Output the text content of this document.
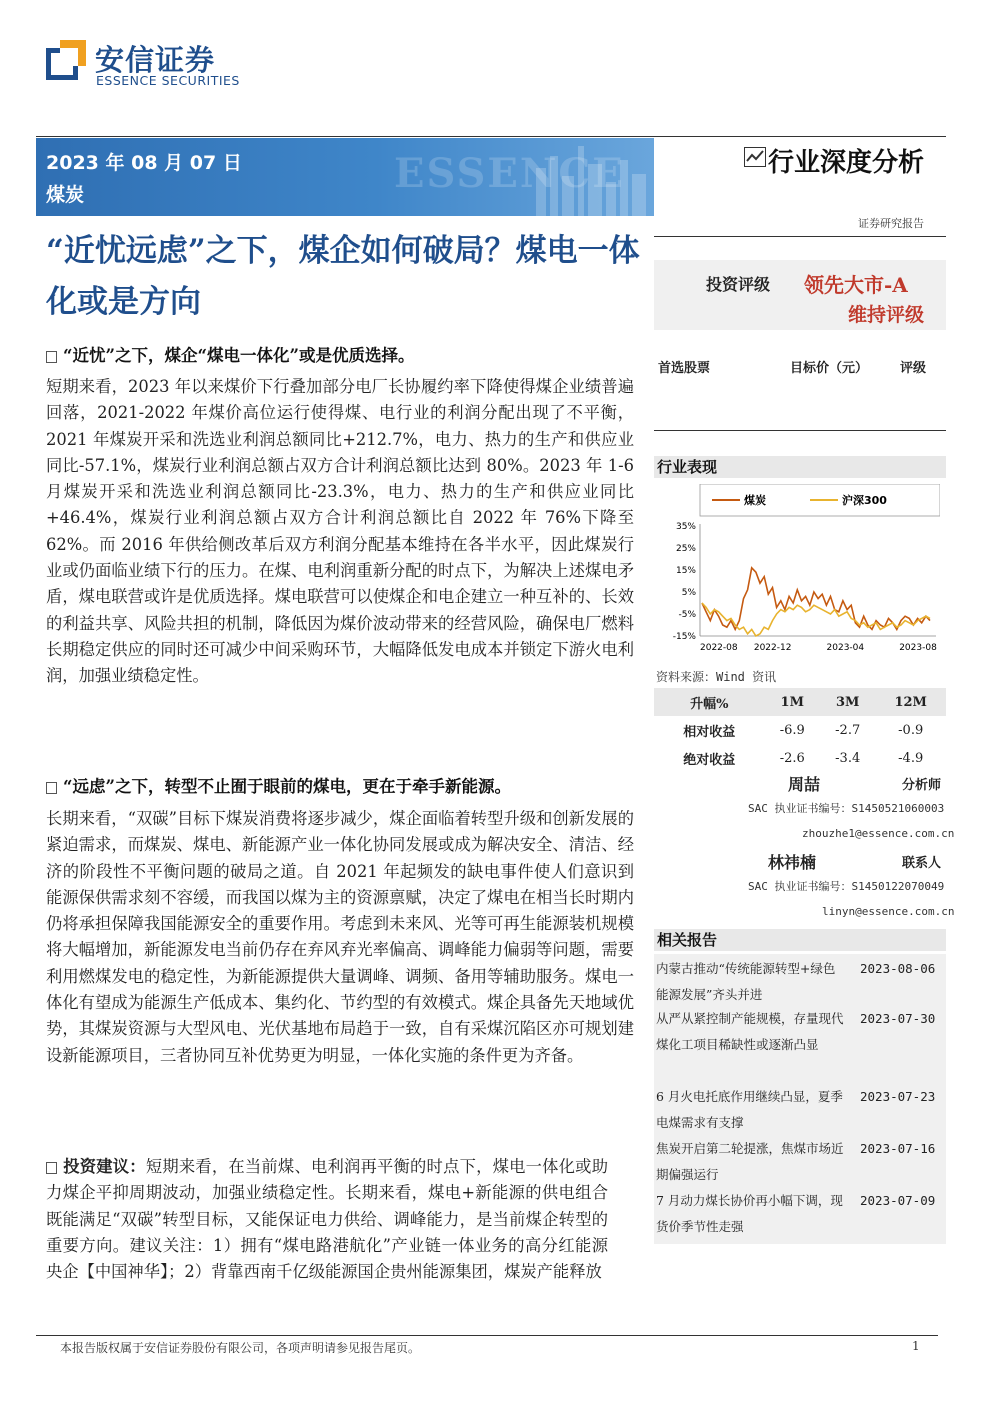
安信证券
ESSENCE SECURITIES
ESSENCE
2023 年 08 月 07 日
煤炭
行业深度分析
证券研究报告
“近忧远虑”之下，煤企如何破局？煤电一体化或是方向	投资评级 领先大市-A
维持评级
“近忧”之下，煤企“煤电一体化”或是优质选择。
短期来看，2023 年以来煤价下行叠加部分电厂长协履约率下降使得煤企业绩普遍回落，2021-2022 年煤价高位运行使得煤、电行业的利润分配出现了不平衡，2021 年煤炭开采和洗选业利润总额同比+212.7%，电力、热力的生产和供应业同比-57.1%，煤炭行业利润总额占双方合计利润总额比达到 80%。2023 年 1-6 月煤炭开采和洗选业利润总额同比-23.3%，电力、热力的生产和供应业同比+46.4%，煤炭行业利润总额占双方合计利润总额比自 2022 年 76%下降至 62%。而 2016 年供给侧改革后双方利润分配基本维持在各半水平，因此煤炭行业或仍面临业绩下行的压力。在煤、电利润重新分配的时点下，为解决上述煤电矛盾，煤电联营或许是优质选择。煤电联营可以使煤企和电企建立一种互补的、长效的利益共享、风险共担的机制，降低因为煤价波动带来的经营风险，确保电厂燃料长期稳定供应的同时还可减少中间采购环节，大幅降低发电成本并锁定下游火电利润，加强业绩稳定性。
“远虑”之下，转型不止囿于眼前的煤电，更在于牵手新能源。
长期来看，“双碳”目标下煤炭消费将逐步减少，煤企面临着转型升级和创新发展的紧迫需求，而煤炭、煤电、新能源产业一体化协同发展或成为解决安全、清洁、经济的阶段性不平衡问题的破局之道。自 2021 年起频发的缺电事件使人们意识到能源保供需求刻不容缓，而我国以煤为主的资源禀赋，决定了煤电在相当长时期内仍将承担保障我国能源安全的重要作用。考虑到未来风、光等可再生能源装机规模将大幅增加，新能源发电当前仍存在弃风弃光率偏高、调峰能力偏弱等问题，需要利用燃煤发电的稳定性，为新能源提供大量调峰、调频、备用等辅助服务。煤电一体化有望成为能源生产低成本、集约化、节约型的有效模式。煤企具备先天地域优势，其煤炭资源与大型风电、光伏基地布局趋于一致，自有采煤沉陷区亦可规划建设新能源项目，三者协同互补优势更为明显，一体化实施的条件更为齐备。
投资建议：短期来看，在当前煤、电利润再平衡的时点下，煤电一体化或助力煤企平抑周期波动，加强业绩稳定性。长期来看，煤电+新能源的供电组合既能满足“双碳”转型目标，又能保证电力供给、调峰能力，是当前煤企转型的重要方向。建议关注：1）拥有“煤电路港航化”产业链一体业务的高分红能源央企【中国神华】；2）背靠西南千亿级能源国企贵州能源集团，煤炭产能释放
首选股票	目标价（元） 评级
行业表现
煤炭	沪深300
35%
25%
15%
5%
-5%
-15%
2022-08 2022-12	2023-04	2023-08
资料来源：Wind 资讯
升幅%	1M	3M	12M
相对收益	-6.9	-2.7	-0.9
绝对收益	-2.6	-3.4	-4.9
周喆	分析师
SAC 执业证书编号：S1450521060003
zhouzhe1@essence.com.cn
林祎楠	联系人
SAC 执业证书编号：S1450122070049
linyn@essence.com.cn
相关报告
内蒙古推动“传统能源转型+绿色能源发展”齐头并进
2023-08-06
从严从紧控制产能规模，存量现代煤化工项目稀缺性或逐渐凸显
2023-07-30
6 月火电托底作用继续凸显，夏季电煤需求有支撑
2023-07-23
焦炭开启第二轮提涨，焦煤市场近期偏强运行
2023-07-16
7 月动力煤长协价再小幅下调，现货价季节性走强
2023-07-09
本报告版权属于安信证券股份有限公司，各项声明请参见报告尾页。	1
